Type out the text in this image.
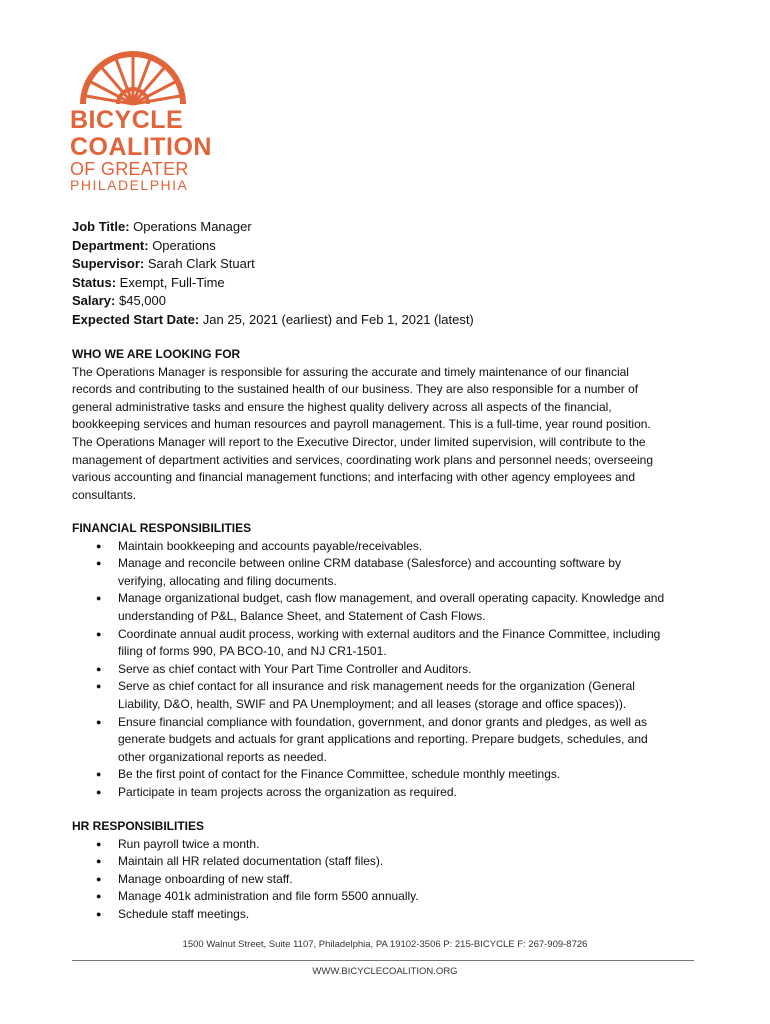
BICYCLE
COALITION
OF GREATER
PHILADELPHIA
Job Title: Operations Manager
Department: Operations
Supervisor: Sarah Clark Stuart
Status: Exempt, Full-Time
Salary: $45,000
Expected Start Date: Jan 25, 2021 (earliest) and Feb 1, 2021 (latest)
WHO WE ARE LOOKING FOR

The Operations Manager is responsible for assuring the accurate and timely maintenance of our financial
records and contributing to the sustained health of our business. They are also responsible for a number of
general administrative tasks and ensure the highest quality delivery across all aspects of the financial,
bookkeeping services and human resources and payroll management. This is a full-time, year round position.
The Operations Manager will report to the Executive Director, under limited supervision, will contribute to the
management of department activities and services, coordinating work plans and personnel needs; overseeing
various accounting and financial management functions; and interfacing with other agency employees and
consultants.

FINANCIAL RESPONSIBILITIES
● Maintain bookkeeping and accounts payable/receivables.
● Manage and reconcile between online CRM database (Salesforce) and accounting software by
verifying, allocating and filing documents.
● Manage organizational budget, cash flow management, and overall operating capacity. Knowledge and
understanding of P&L, Balance Sheet, and Statement of Cash Flows.
● Coordinate annual audit process, working with external auditors and the Finance Committee, including
filing of forms 990, PA BCO-10, and NJ CR1-1501.
● Serve as chief contact with Your Part Time Controller and Auditors.
● Serve as chief contact for all insurance and risk management needs for the organization (General
Liability, D&O, health, SWIF and PA Unemployment; and all leases (storage and office spaces)).
● Ensure financial compliance with foundation, government, and donor grants and pledges, as well as
generate budgets and actuals for grant applications and reporting. Prepare budgets, schedules, and
other organizational reports as needed.
● Be the first point of contact for the Finance Committee, schedule monthly meetings.
● Participate in team projects across the organization as required.
HR RESPONSIBILITIES
● Run payroll twice a month.
● Maintain all HR related documentation (staff files).
● Manage onboarding of new staff.
● Manage 401k administration and file form 5500 annually.
● Schedule staff meetings.
1500 Walnut Street, Suite 1107, Philadelphia, PA 19102-3506 P: 215-BICYCLE F: 267-909-8726
WWW.BICYCLECOALITION.ORG
